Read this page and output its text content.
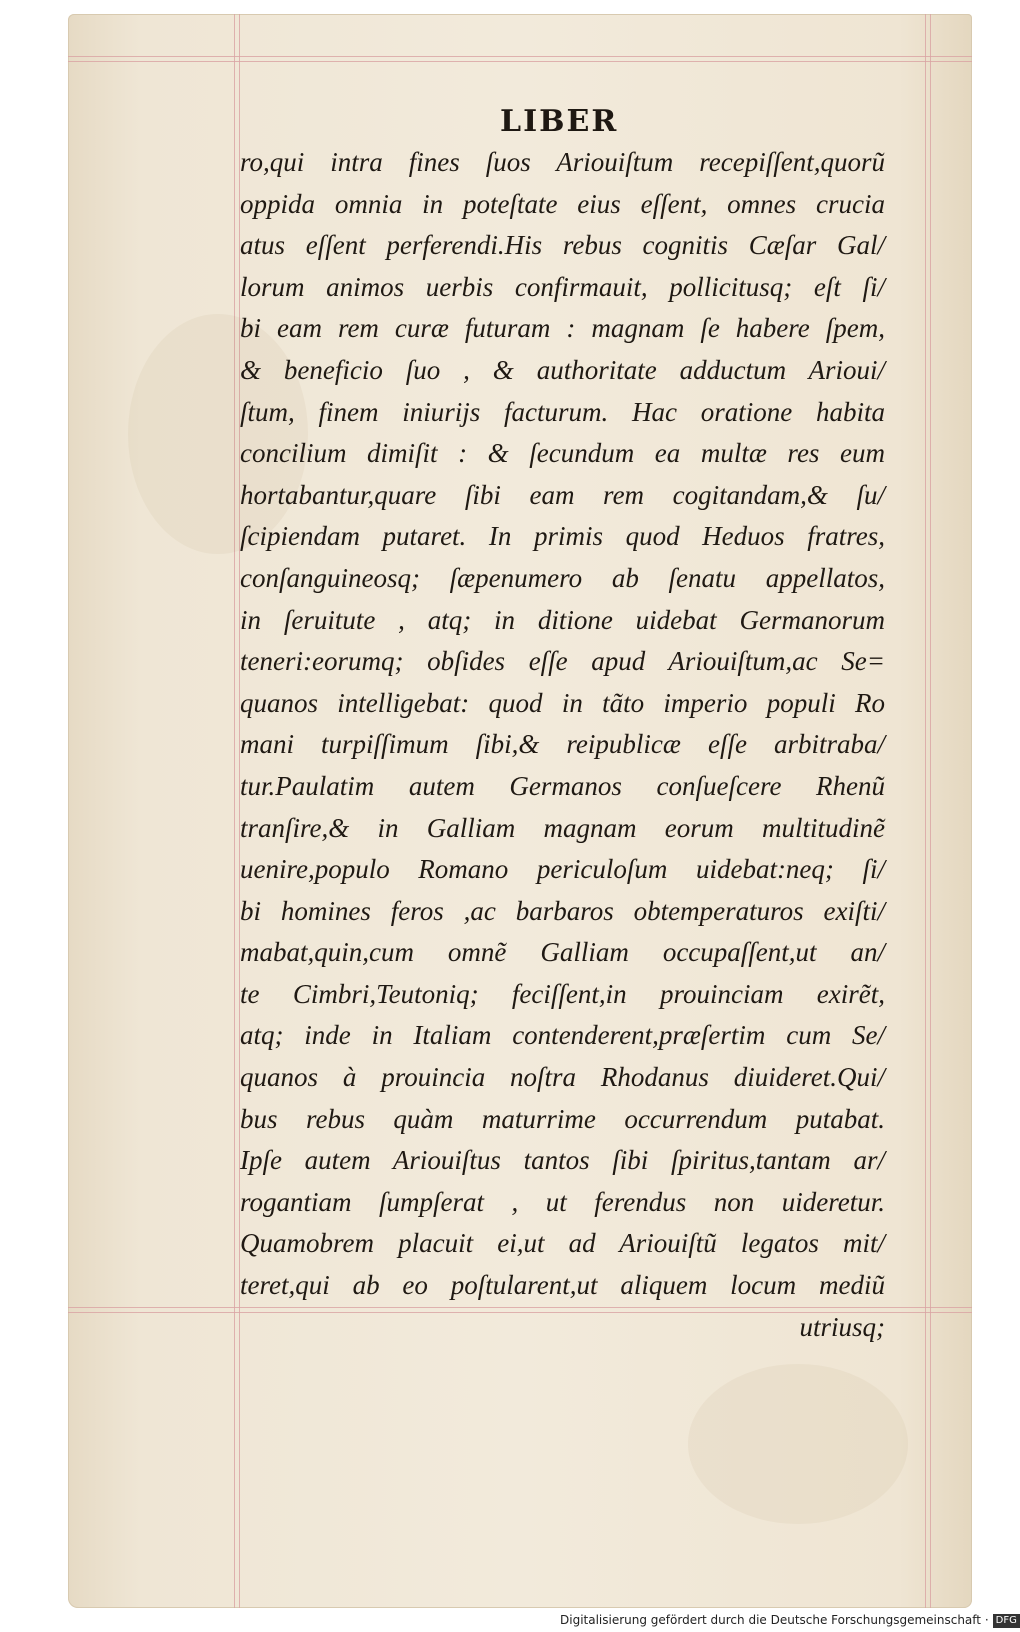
LIBER
ro,qui intra fines ſuos Ariouiſtum recepiſſent,quorũ
oppida omnia in poteſtate eius eſſent, omnes crucia
atus eſſent perferendi.His rebus cognitis Cæſar Gal/
lorum animos uerbis confirmauit, pollicitusq; eſt ſi/
bi eam rem curæ futuram : magnam ſe habere ſpem,
& beneficio ſuo , & authoritate adductum Arioui/
ſtum, finem iniurijs facturum. Hac oratione habita
concilium dimiſit : & ſecundum ea multæ res eum
hortabantur,quare ſibi eam rem cogitandam,& ſu/
ſcipiendam putaret. In primis quod Heduos fratres,
conſanguineosq; ſæpenumero ab ſenatu appellatos,
in ſeruitute , atq; in ditione uidebat Germanorum
teneri:eorumq; obſides eſſe apud Ariouiſtum,ac Se=
quanos intelligebat: quod in tãto imperio populi Ro
mani turpiſſimum ſibi,& reipublicæ eſſe arbitraba/
tur.Paulatim autem Germanos conſueſcere Rhenũ
tranſire,& in Galliam magnam eorum multitudinẽ
uenire,populo Romano periculoſum uidebat:neq; ſi/
bi homines feros ,ac barbaros obtemperaturos exiſti/
mabat,quin,cum omnẽ Galliam occupaſſent,ut an/
te Cimbri,Teutoniq; feciſſent,in prouinciam exirẽt,
atq; inde in Italiam contenderent,præſertim cum Se/
quanos à prouincia noſtra Rhodanus diuideret.Qui/
bus rebus quàm maturrime occurrendum putabat.
Ipſe autem Ariouiſtus tantos ſibi ſpiritus,tantam ar/
rogantiam ſumpſerat , ut ferendus non uideretur.
Quamobrem placuit ei,ut ad Ariouiſtũ legatos mit/
teret,qui ab eo poſtularent,ut aliquem locum mediũ
utriusq;
Digitalisierung gefördert durch die Deutsche Forschungsgemeinschaft · DFG
